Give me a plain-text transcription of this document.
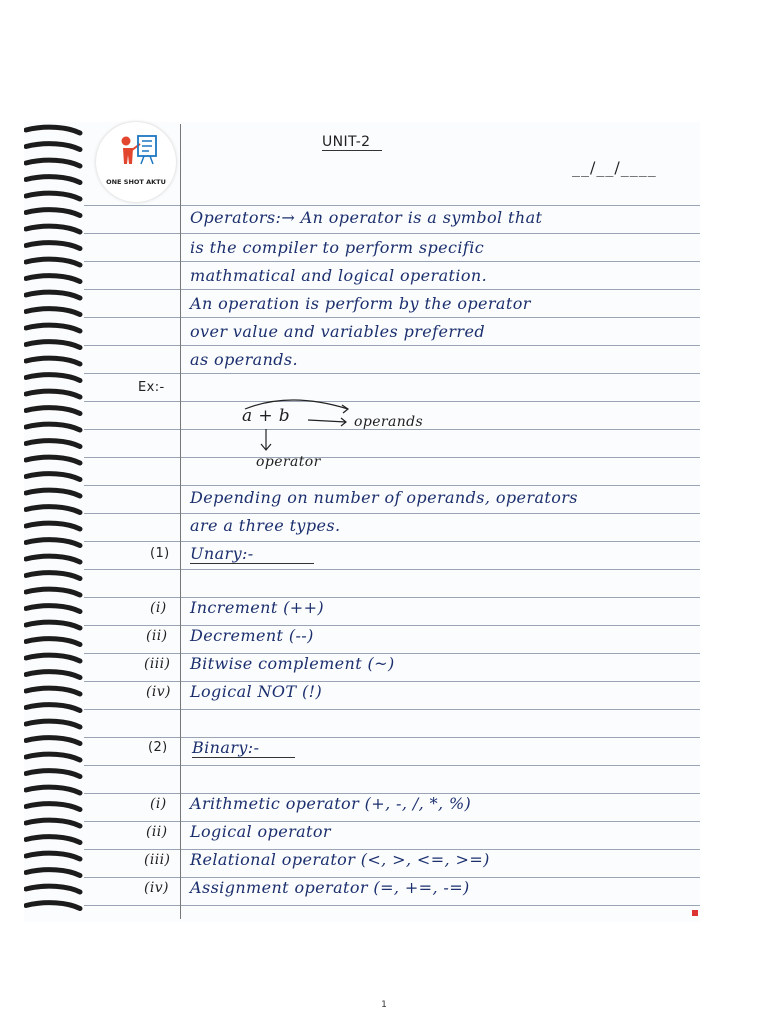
ONE SHOT AKTU
UNIT-2
__/__/____
Operators:→ An operator is a symbol that
is the compiler to perform specific
mathmatical and logical operation.
An operation is perform by the operator
over value and variables preferred
as operands.
Ex:-
a + b	operands
operator
Depending on number of operands, operators
are a three types.
(1) Unary:-
(i) Increment (++)
(ii) Decrement (--)
(iii) Bitwise complement (~)
(iv) Logical NOT (!)
(2) Binary:-
(i) Arithmetic operator (+, -, /, *, %)
(ii) Logical operator
(iii) Relational operator (<, >, <=, >=)
(iv) Assignment operator (=, +=, -=)
1
